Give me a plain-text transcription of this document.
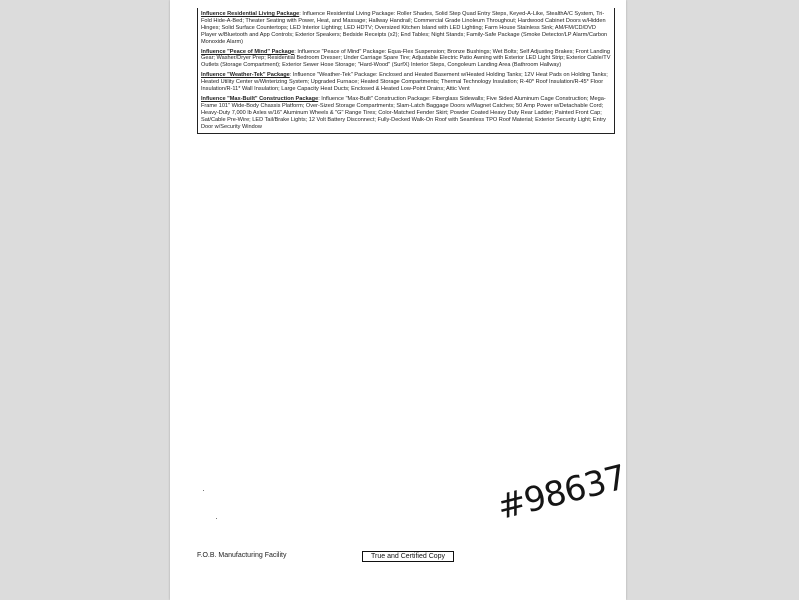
Influence Residential Living Package: Influence Residential Living Package: Roller Shades, Solid Step Quad Entry Steps, Keyed-A-Like, StealthA/C System, Tri-Fold Hide-A-Bed; Theater Seating with Power, Heat, and Massage; Hallway Handrail; Commercial Grade Linoleum Throughout; Hardwood Cabinet Doors w/Hidden Hinges; Solid Surface Countertops; LED Interior Lighting; LED HDTV; Oversized Kitchen Island with LED Lighting; Farm House Stainless Sink; AM/FM/CD/DVD Player w/Bluetooth and App Controls; Exterior Speakers; Bedside Receipts (x2); End Tables; Night Stands; Family-Safe Package (Smoke Detector/LP Alarm/Carbon Monoxide Alarm)

Influence "Peace of Mind" Package: Influence "Peace of Mind" Package: Equa-Flex Suspension; Bronze Bushings; Wet Bolts; Self Adjusting Brakes; Front Landing Gear; Washer/Dryer Prep; Residential Bedroom Dresser; Under Carriage Spare Tire; Adjustable Electric Patio Awning with Exterior LED Light Strip; Exterior Cable/TV Outlets (Storage Compartment); Exterior Sewer Hose Storage; "Hard-Wood" (SurfX) Interior Steps, Congoleum Landing Area (Bathroom Hallway)

Influence "Weather-Tek" Package: Influence "Weather-Tek" Package: Enclosed and Heated Basement w/Heated Holding Tanks; 12V Heat Pads on Holding Tanks; Heated Utility Center w/Winterizing System; Upgraded Furnace; Heated Storage Compartments; Thermal Technology Insulation; R-40* Roof Insulation/R-45* Floor Insulation/R-11* Wall Insulation; Large Capacity Heat Ducts; Enclosed & Heated Low-Point Drains; Attic Vent

Influence "Max-Built" Construction Package: Influence "Max-Built" Construction Package: Fiberglass Sidewalls; Five Sided Aluminum Cage Construction; Mega-Frame 101" Wide-Body Chassis Platform; Over-Sized Storage Compartments; Slam-Latch Baggage Doors w/Magnet Catches; 50 Amp Power w/Detachable Cord; Heavy-Duty 7,000 lb Axles w/16" Aluminum Wheels & "G" Range Tires; Color-Matched Fender Skirt; Powder Coated Heavy Duty Rear Ladder; Painted Front Cap; Sat/Cable Pre-Wire; LED Tail/Brake Lights; 12 Volt Battery Disconnect; Fully-Decked Walk-On Roof with Seamless TPO Roof Material; Exterior Security Light; Entry Door w/Security Window

#98637
F.O.B. Manufacturing Facility	True and Certified Copy
